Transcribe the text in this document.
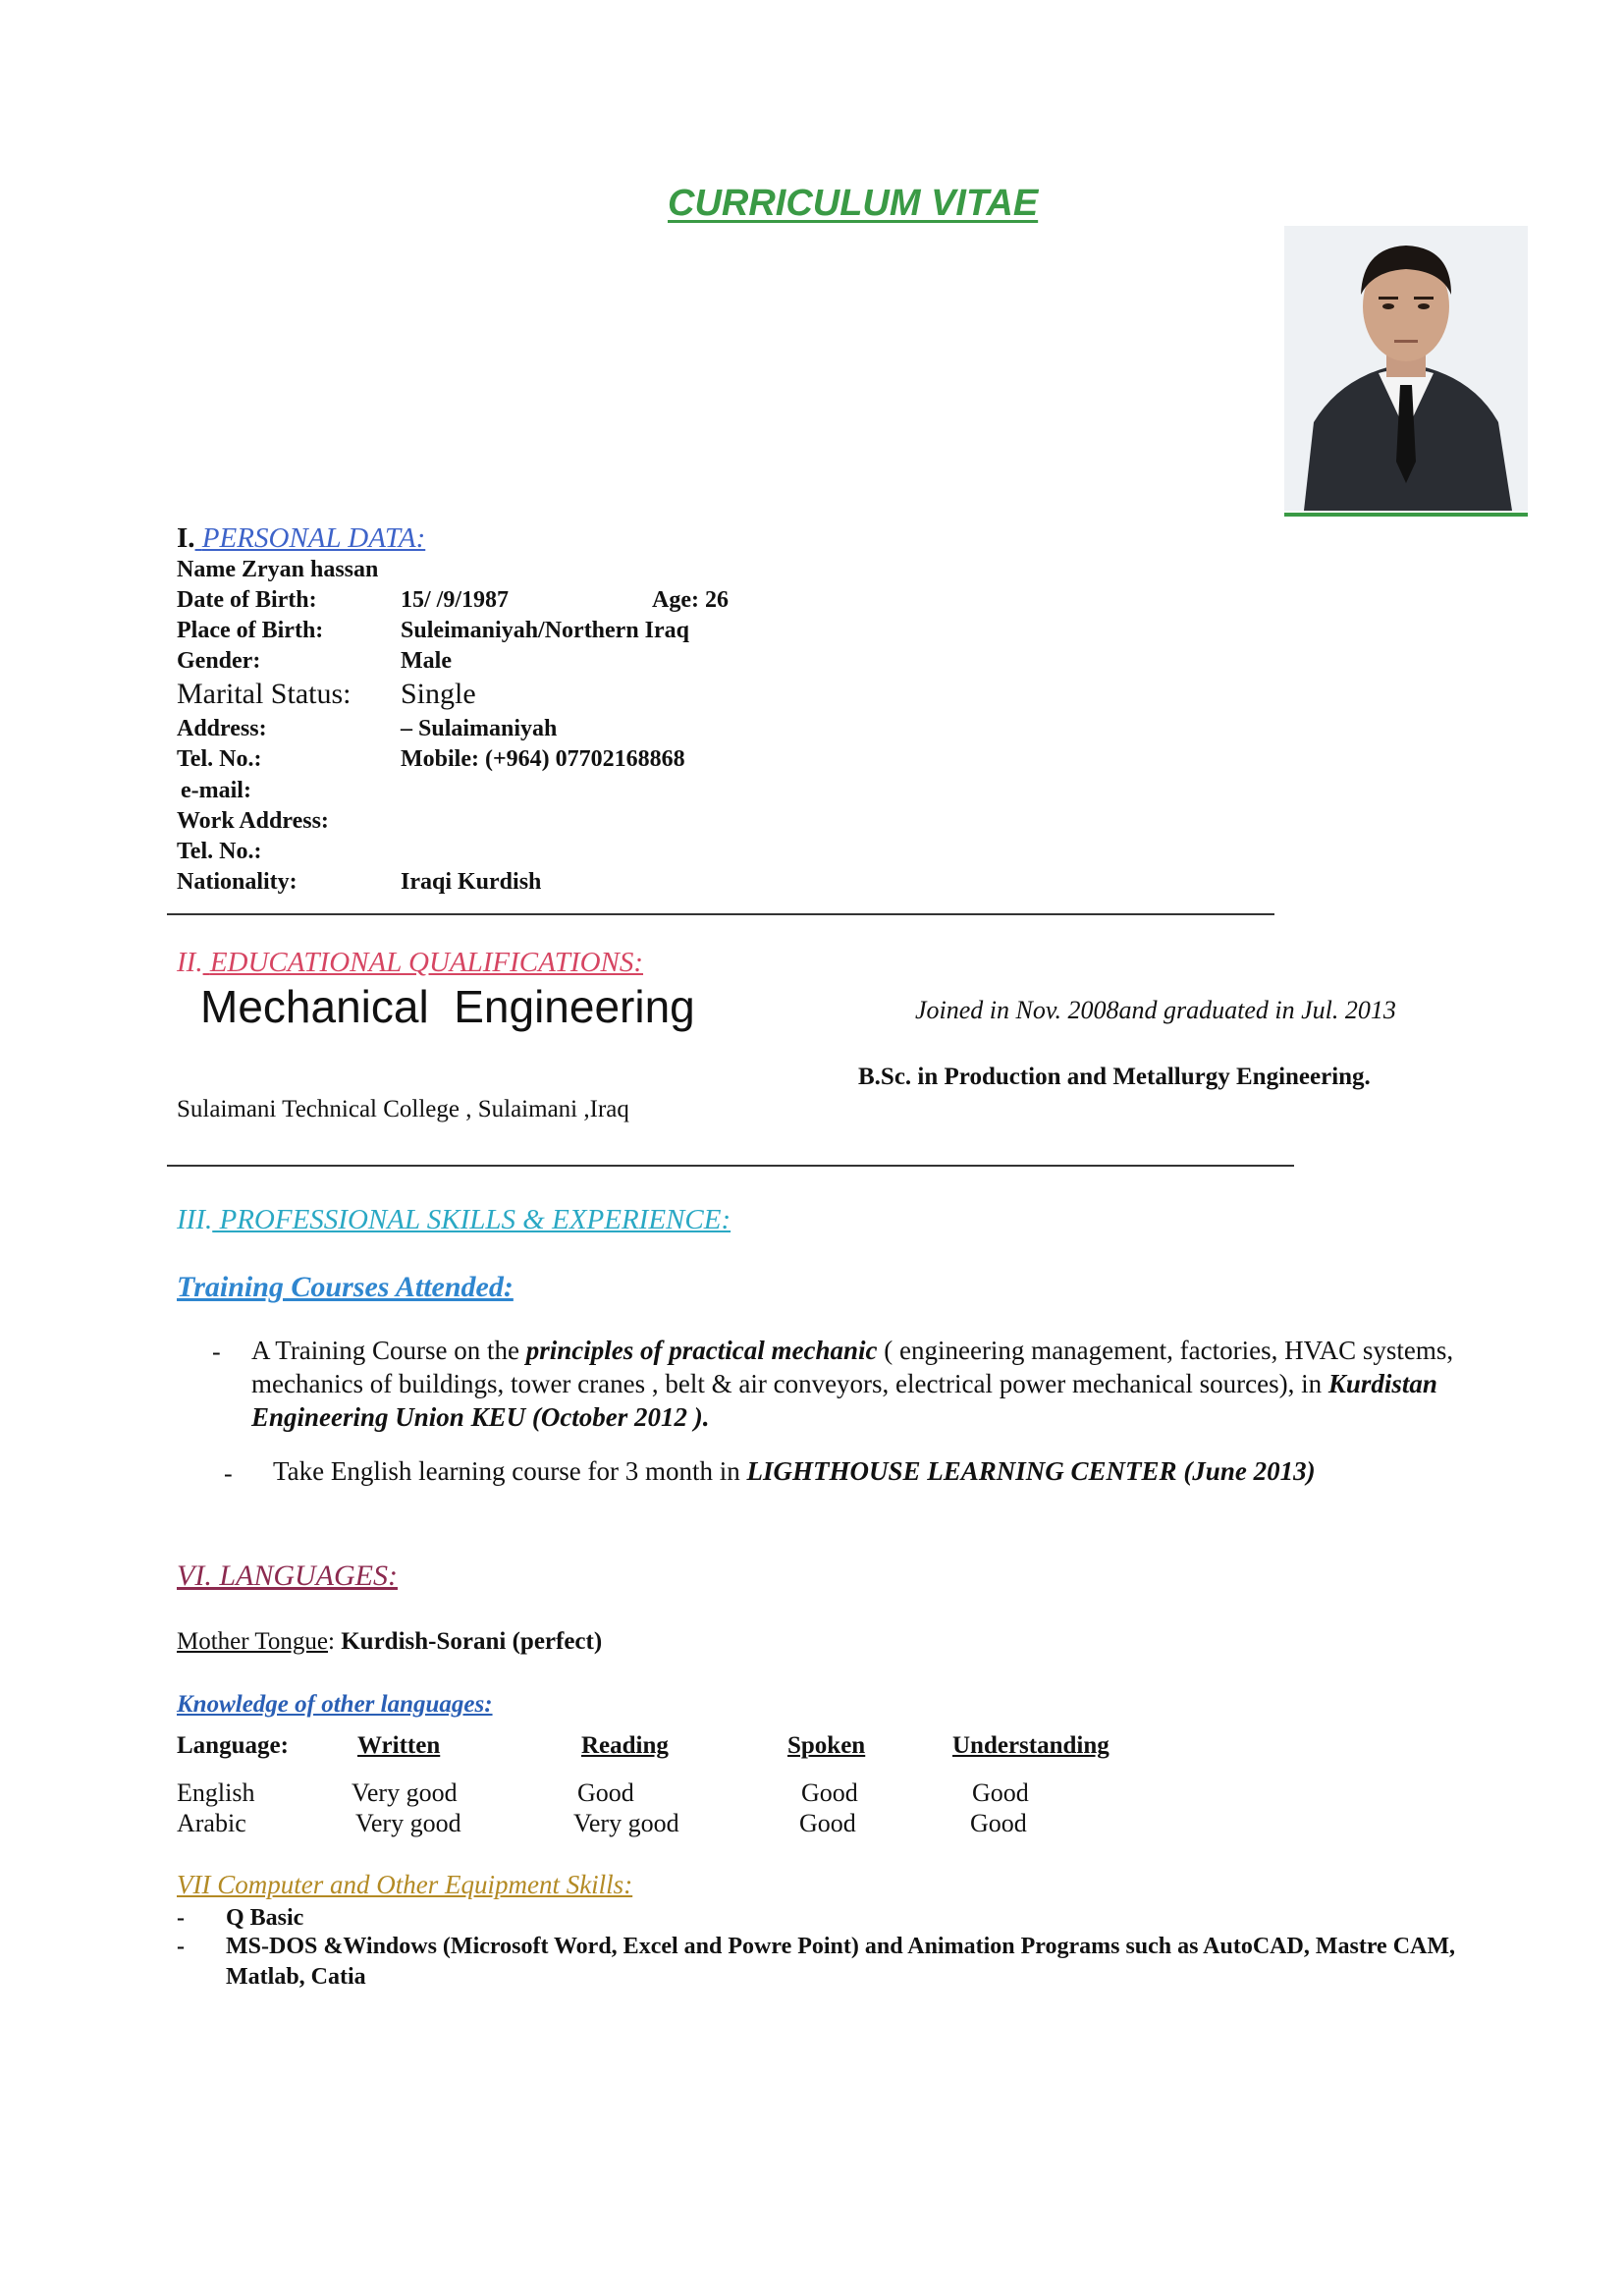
CURRICULUM VITAE
I. PERSONAL DATA:
Name Zryan hassan
Date of Birth:	15/ /9/1987	Age: 26
Place of Birth:	Suleimaniyah/Northern Iraq
Gender:	Male
Marital Status: Single
Address:	– Sulaimaniyah
Tel. No.:	Mobile: (+964) 07702168868
e-mail:
Work Address:
Tel. No.:
Nationality:	Iraqi Kurdish
II. EDUCATIONAL QUALIFICATIONS:
Mechanical  Engineering	Joined in Nov. 2008and graduated in Jul. 2013
B.Sc. in Production and Metallurgy Engineering.
Sulaimani Technical College , Sulaimani ,Iraq
III. PROFESSIONAL SKILLS & EXPERIENCE:
Training Courses Attended:
- A Training Course on the principles of practical mechanic ( engineering management, factories, HVAC systems, mechanics of buildings, tower cranes , belt & air conveyors, electrical power mechanical sources), in Kurdistan Engineering Union KEU (October 2012 ).
- Take English learning course for 3 month in LIGHTHOUSE LEARNING CENTER (June 2013)
VI. LANGUAGES:
Mother Tongue: Kurdish-Sorani (perfect)
Knowledge of other languages:
Language:	Written	Reading	Spoken	Understanding
English	Very good	Good	Good	Good
Arabic	Very good	Very good	Good	Good
VII Computer and Other Equipment Skills:
- Q Basic
- MS-DOS &Windows (Microsoft Word, Excel and Powre Point) and Animation Programs such as AutoCAD, Mastre CAM, Matlab, Catia
